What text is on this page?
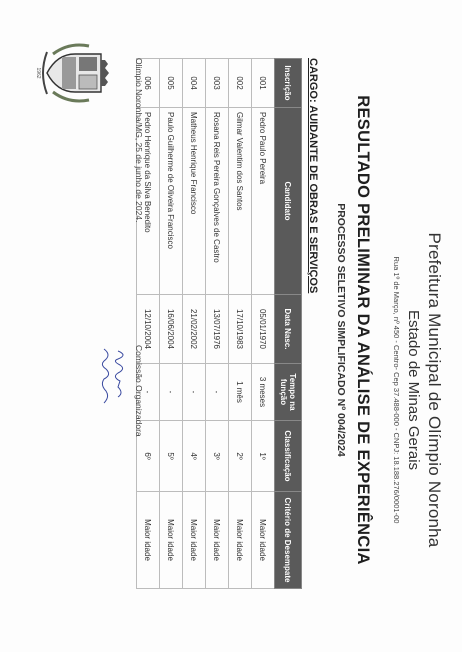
1962
Prefeitura Municipal de Olímpio Noronha
Estado de Minas Gerais
Rua 1º de Março, nº 450 - Centro- Cep 37.488-000 - CNPJ: 18.188.276/0001-00
RESULTADO PRELIMINAR DA ANÁLISE DE EXPERIÊNCIA
PROCESSO SELETIVO SIMPLIFICADO Nº 004/2024
CARGO: AUIDANTE DE OBRAS E SERVIÇOS
Inscrição	Candidato	Data Nasc.	Tempo na função	Classificação	Critério de Desempate
001	Pedro Paulo Pereira	05/01/1970	3 meses	1º	Maior idade
002	Gilmar Valentim dos Santos	17/10/1983	1 mês	2º	Maior idade
003	Rosana Reis Pereira Gonçalves de Castro	13/07/1976	-	3º	Maior idade
004	Matheus Henrique Francisco	21/02/2002	-	4º	Maior idade
005	Paulo Guilherme de Oliveira Francisco	16/06/2004	-	5º	Maior idade
006	Pedro Henrique da Silva Benedito	12/10/2004	-	6º	Maior idade
Olimpio Noronha/MG, 25 de junho de 2024.
Comissão Organizadora
